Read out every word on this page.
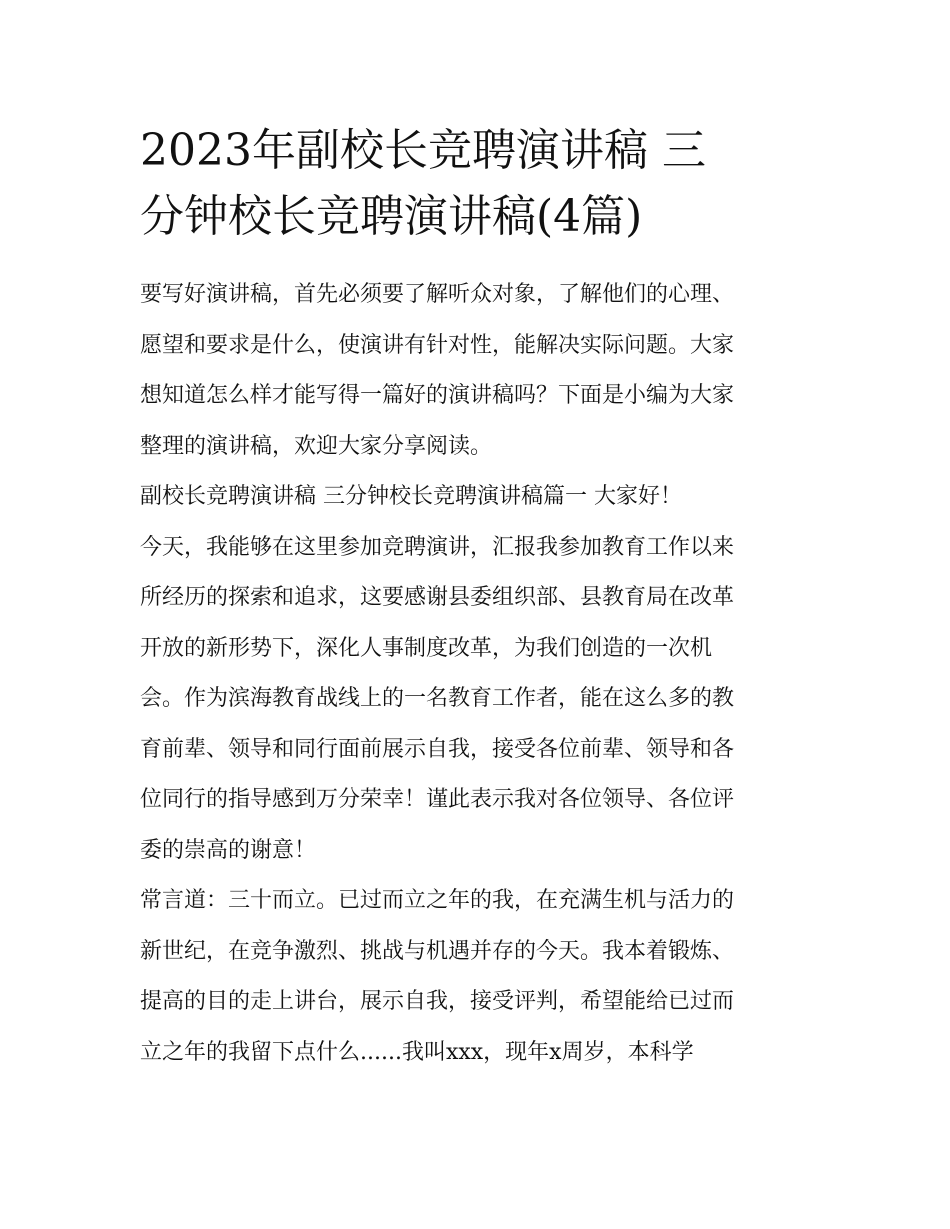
2023年副校长竞聘演讲稿 三
分钟校长竞聘演讲稿(4篇)

要写好演讲稿，首先必须要了解听众对象，了解他们的心理、
愿望和要求是什么，使演讲有针对性，能解决实际问题。大家
想知道怎么样才能写得一篇好的演讲稿吗？下面是小编为大家
整理的演讲稿，欢迎大家分享阅读。

副校长竞聘演讲稿 三分钟校长竞聘演讲稿篇一 大家好！

今天，我能够在这里参加竞聘演讲，汇报我参加教育工作以来
所经历的探索和追求，这要感谢县委组织部、县教育局在改革
开放的新形势下，深化人事制度改革，为我们创造的一次机
会。作为滨海教育战线上的一名教育工作者，能在这么多的教
育前辈、领导和同行面前展示自我，接受各位前辈、领导和各
位同行的指导感到万分荣幸！谨此表示我对各位领导、各位评
委的崇高的谢意！

常言道：三十而立。已过而立之年的我，在充满生机与活力的
新世纪，在竞争激烈、挑战与机遇并存的今天。我本着锻炼、
提高的目的走上讲台，展示自我，接受评判，希望能给已过而
立之年的我留下点什么......我叫xxx，现年x周岁，本科学
